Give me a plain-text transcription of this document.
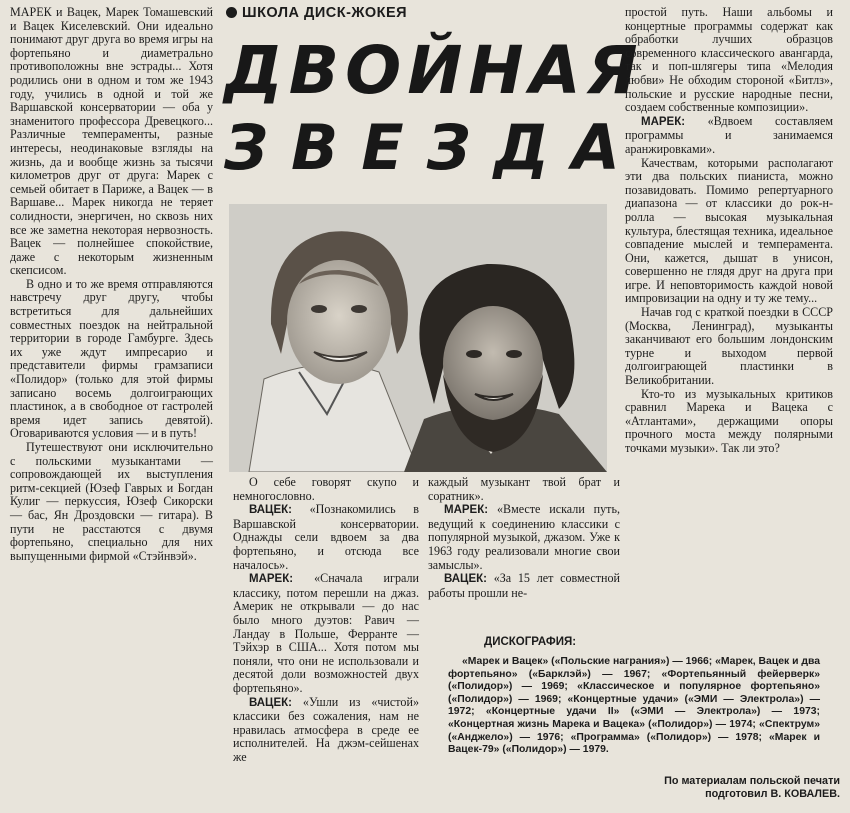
МАРЕК и Вацек, Марек Томашевский и Вацек Киселевский. Они идеально понимают друг друга во время игры на фортепьяно и диаметрально противоположны вне эстрады... Хотя родились они в одном и том же 1943 году, учились в одной и той же Варшавской консерватории — оба у знаменитого профессора Древецкого... Различные темпераменты, разные интересы, неодинаковые взгляды на жизнь, да и вообще жизнь за тысячи километров друг от друга: Марек с семьей обитает в Париже, а Вацек — в Варшаве... Марек никогда не теряет солидности, энергичен, но сквозь них все же заметна некоторая нервозность. Вацек — полнейшее спокойствие, даже с некоторым жизненным скепсисом.

В одно и то же время отправляются навстречу друг другу, чтобы встретиться для дальнейших совместных поездок на нейтральной территории в городе Гамбурге. Здесь их уже ждут импресарио и представители фирмы грамзаписи «Полидор» (только для этой фирмы записано восемь долгоиграющих пластинок, а в свободное от гастролей время идет запись девятой). Оговариваются условия — и в путь!

Путешествуют они исключительно с польскими музыкантами — сопровождающей их выступления ритм-секцией (Юзеф Гаврых и Богдан Кулиг — перкуссия, Юзеф Сикорски — бас, Ян Дроздовски — гитара). В пути не расстаются с двумя фортепьяно, специально для них выпущенными фирмой «Стэйнвэй».

ШКОЛА ДИСК-ЖОКЕЯ
ДВОЙНАЯ
ЗВЕЗДА

О себе говорят скупо и немногословно.

ВАЦЕК: «Познакомились в Варшавской консерватории. Однажды сели вдвоем за два фортепьяно, и отсюда все началось».

МАРЕК: «Сначала играли классику, потом перешли на джаз. Америк не открывали — до нас было много дуэтов: Равич — Ландау в Польше, Ферранте — Тэйхэр в США... Хотя потом мы поняли, что они не использовали и десятой доли возможностей двух фортепьяно».

ВАЦЕК: «Ушли из «чистой» классики без сожаления, нам не нравилась атмосфера в среде ее исполнителей. На джэм-сейшенах же

каждый музыкант твой брат и соратник».

МАРЕК: «Вместе искали путь, ведущий к соединению классики с популярной музыкой, джазом. Уже к 1963 году реализовали многие свои замыслы».

ВАЦЕК: «За 15 лет совместной работы прошли не-

простой путь. Наши альбомы и концертные программы содержат как обработки лучших образцов современного классического авангарда, так и поп-шлягеры типа «Мелодия любви» Не обходим стороной «Битлз», польские и русские народные песни, создаем собственные композиции».

МАРЕК: «Вдвоем составляем программы и занимаемся аранжировками».

Качествам, которыми располагают эти два польских пианиста, можно позавидовать. Помимо репертуарного диапазона — от классики до рок-н-ролла — высокая музыкальная культура, блестящая техника, идеальное совпадение мыслей и темперамента. Они, кажется, дышат в унисон, совершенно не глядя друг на друга при игре. И неповторимость каждой новой импровизации на одну и ту же тему...

Начав год с краткой поездки в СССР (Москва, Ленинград), музыканты заканчивают его большим лондонским турне и выходом первой долгоиграющей пластинки в Великобритании.

Кто-то из музыкальных критиков сравнил Марека и Вацека с «Атлантами», держащими опоры прочного моста между полярными точками музыки». Так ли это?

ДИСКОГРАФИЯ:

«Марек и Вацек» («Польские награния») — 1966; «Марек, Вацек и два фортепьяно» («Барклэй») — 1967; «Фортепьянный фейерверк» («Полидор») — 1969; «Классическое и популярное фортепьяно» («Полидор») — 1969; «Концертные удачи» («ЭМИ — Электрола») — 1972; «Концертные удачи II» («ЭМИ — Электрола») — 1973; «Концертная жизнь Марека и Вацека» («Полидор») — 1974; «Спектрум» («Анджело») — 1976; «Программа» («Полидор») — 1978; «Марек и Вацек-79» («Полидор») — 1979.

По материалам польской печати
подготовил В. КОВАЛЕВ.
